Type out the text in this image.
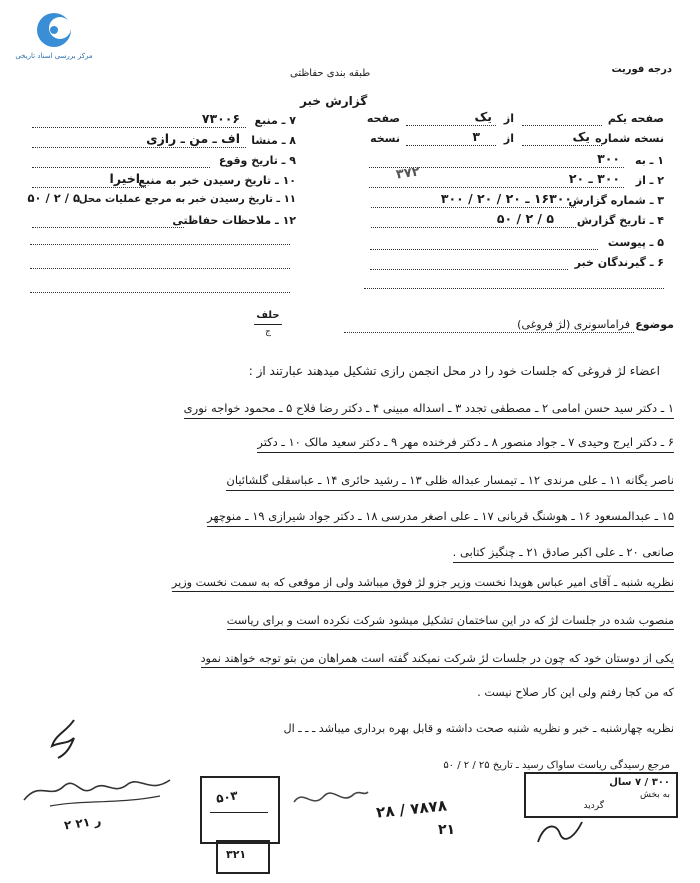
مرکز بررسی اسناد تاریخی
درجه فوریت
طبقه بندی حفاظتی
گزارش خبر
صفحه یکم
از
یک
صفحه
نسخه شماره
یک
از
۳
نسخه
۱ ـ به
۳۰۰
۲ ـ از
۳۰۰ ـ ۲۰
۳ ـ شماره گزارش
۱۶۳۰۰ ـ ۲۰ / ۲۰ / ۳۰۰
۴ ـ تاریخ گزارش
۵ / ۲ / ۵۰
۵ ـ پیوست
۶ ـ گیرندگان خبر
۷ ـ منبع
۷۳۰۰۶
۸ ـ منشا
اف ـ من ـ رازی
۹ ـ تاریخ وقوع
۱۰ ـ تاریخ رسیدن خبر به منبع
اخیرا
۱۱ ـ تاریخ رسیدن خبر به مرجع عملیات محل
۵ / ۲ / ۵۰
۱۲ ـ ملاحظات حفاظتی
۳۷۲
حلف
ج
موضوع
فراماسونری (لژ فروغی)
اعضاء لژ فروغی که جلسات خود را در محل انجمن رازی تشکیل میدهند عبارتند از :
۱ ـ دکتر سید حسن امامی ۲ ـ مصطفی تجدد ۳ ـ اسداله مبینی ۴ ـ دکتر رضا فلاح ۵ ـ محمود خواجه نوری
۶ ـ دکتر ایرج وحیدی ۷ ـ جواد منصور ۸ ـ دکتر فرخنده مهر ۹ ـ دکتر سعید مالک ۱۰ ـ دکتر
ناصر یگانه ۱۱ ـ علی مرندی ۱۲ ـ تیمسار عبداله ظلی ۱۳ ـ رشید حائری ۱۴ ـ عباسقلی گلشائیان
۱۵ ـ عبدالمسعود ۱۶ ـ هوشنگ قربانی ۱۷ ـ علی اصغر مدرسی ۱۸ ـ دکتر جواد شیرازی ۱۹ ـ منوچهر
صانعی ۲۰ ـ علی اکبر صادق ۲۱ ـ چنگیز کتابی .
نظریه شنبه ـ آقای امیر عباس هویدا نخست وزیر جزو لژ فوق میباشد ولی از موقعی که به سمت نخست وزیر
منصوب شده در جلسات لژ که در این ساختمان تشکیل میشود شرکت نکرده است و برای ریاست
یکی از دوستان خود که چون در جلسات لژ شرکت نمیکند گفته است همراهان من بتو توجه خواهند نمود
که من کجا رفتم ولی این کار صلاح نیست .
نظریه چهارشنبه ـ خبر و نظریه شنبه صحت داشته و قابل بهره برداری میباشد ـ ـ ـ ال
مرجع رسیدگی ریاست ساواک رسید ـ تاریخ ۲۵ / ۲ / ۵۰
۳۰۰ / ۷ سال
به بخش
گردید
۵۰۳
۳۲۱
۲۸ / ۷۸۷۸
۲۱
۲ ر ۲۱
